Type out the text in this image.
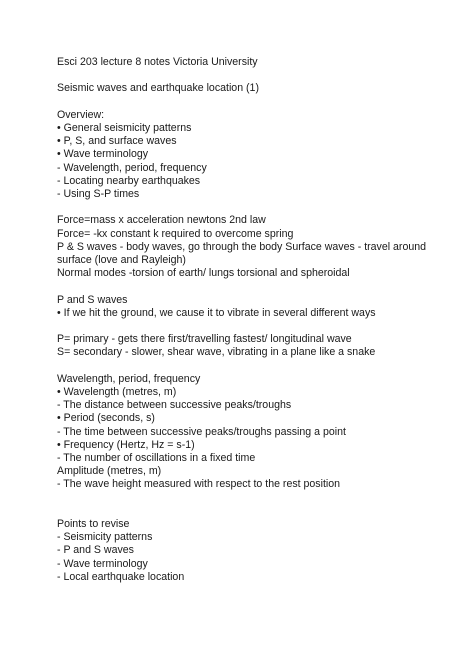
Esci 203 lecture 8 notes Victoria University
Seismic waves and earthquake location (1)
Overview:
• General seismicity patterns
• P, S, and surface waves
• Wave terminology
- Wavelength, period, frequency
- Locating nearby earthquakes
- Using S-P times
Force=mass x acceleration newtons 2nd law
Force= -kx constant k required to overcome spring
P & S waves - body waves, go through the body Surface waves - travel around surface (love and Rayleigh)
Normal modes -torsion of earth/ lungs torsional and spheroidal
P and S waves
• If we hit the ground, we cause it to vibrate in several different ways
P= primary - gets there first/travelling fastest/ longitudinal wave
S= secondary - slower, shear wave, vibrating in a plane like a snake
Wavelength, period, frequency
• Wavelength (metres, m)
- The distance between successive peaks/troughs
• Period (seconds, s)
- The time between successive peaks/troughs passing a point
• Frequency (Hertz, Hz = s-1)
- The number of oscillations in a fixed time
Amplitude (metres, m)
- The wave height measured with respect to the rest position
Points to revise
- Seismicity patterns
- P and S waves
- Wave terminology
- Local earthquake location
